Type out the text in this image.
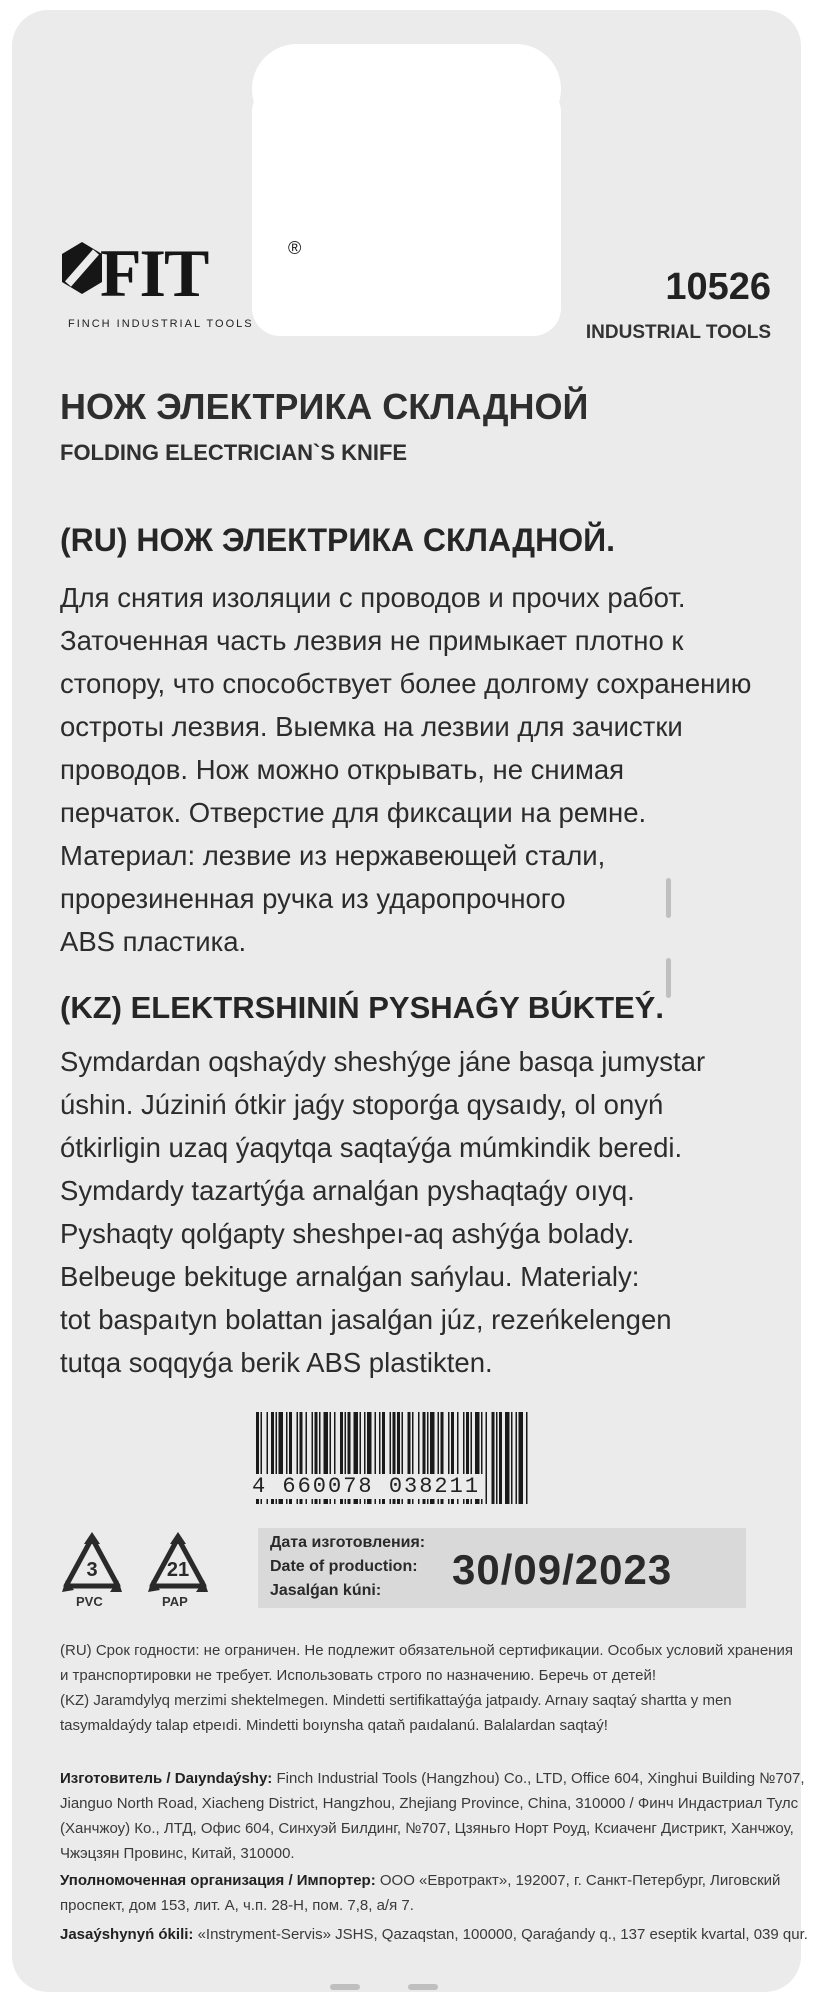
FIT	®
FINCH INDUSTRIAL TOOLS
10526
INDUSTRIAL TOOLS
НОЖ ЭЛЕКТРИКА СКЛАДНОЙ
FOLDING ELECTRICIAN`S KNIFE
(RU) НОЖ ЭЛЕКТРИКА СКЛАДНОЙ.

Для снятия изоляции с проводов и прочих работ.
Заточенная часть лезвия не примыкает плотно к
стопору, что способствует более долгому сохранению
остроты лезвия. Выемка на лезвии для зачистки
проводов. Нож можно открывать, не снимая
перчаток. Отверстие для фиксации на ремне.
Материал: лезвие из нержавеющей стали,
прорезиненная ручка из ударопрочного
ABS пластика.

(KZ) ELEKTRSHINIŃ PYSHAǴY BÚKTEÝ.

Symdardan oqshaýdy sheshýge jáne basqa jumystar
úshin. Júziniń ótkir jaǵy stoporǵa qysaıdy, ol onyń
ótkirligin uzaq ýaqytqa saqtaýǵa múmkindik beredi.
Symdardy tazartýǵa arnalǵan pyshaqtaǵy oıyq.
Pyshaqty qolǵapty sheshpeı-aq ashýǵa bolady.
Belbeuge bekituge arnalǵan sańylau. Materialy:
tot baspaıtyn bolattan jasalǵan júz, rezeńkelengen
tutqa soqqyǵa berik ABS plastikten.

4 660078 038211
3
PVC
21
PAP
Дата изготовления:
Date of production:
Jasalǵan kúni: 30/09/2023

(RU) Срок годности: не ограничен. Не подлежит обязательной сертификации. Особых условий хранения
и транспортировки не требует. Использовать строго по назначению. Беречь от детей!
(KZ) Jaramdylyq merzimi shektelmegen. Mindetti sertifikattaýǵa jatpaıdy. Arnaıy saqtaý shartta y men
tasymaldaýdy talap etpeıdi. Mindetti boıynsha qataň paıdalanú. Balalardan saqtaý!

Изготовитель / Daıyndaýshy: Finch Industrial Tools (Hangzhou) Co., LTD, Office 604, Xinghui Building №707,
Jianguo North Road, Xiacheng District, Hangzhou, Zhejiang Province, China, 310000 / Финч Индастриал Тулс
(Ханчжоу) Ко., ЛТД, Офис 604, Синхуэй Билдинг, №707, Цзяньго Норт Роуд, Ксиаченг Дистрикт, Ханчжоу,
Чжэцзян Провинс, Китай, 310000.

Уполномоченная организация / Импортер: ООО «Евротракт», 192007, г. Санкт-Петербург, Лиговский
проспект, дом 153, лит. А, ч.п. 28-Н, пом. 7,8, а/я 7.

Jasaýshynyń ókili: «Instryment-Servis» JSHS, Qazaqstan, 100000, Qaraǵandy q., 137 eseptik kvartal, 039 qur.
